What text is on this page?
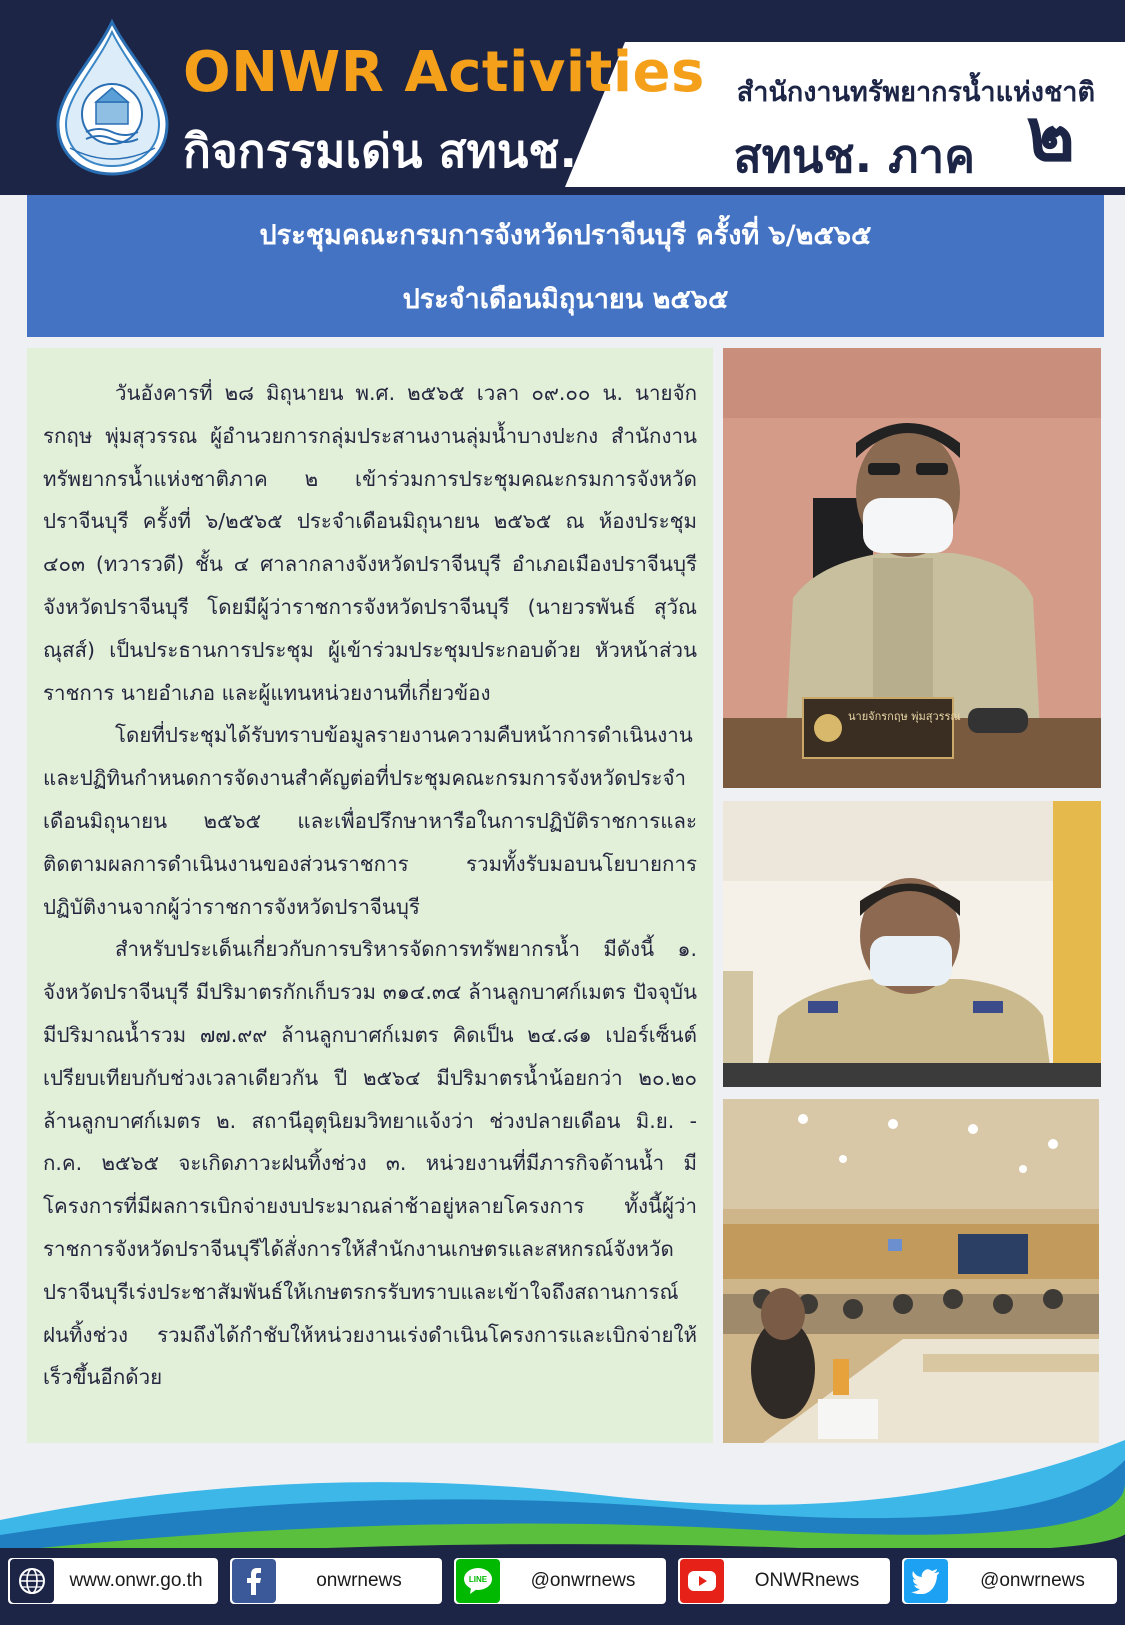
ONWR Activities
กิจกรรมเด่น สทนช.
สำนักงานทรัพยากรน้ำแห่งชาติ
สทนช. ภาค ๒
ประชุมคณะกรมการจังหวัดปราจีนบุรี ครั้งที่ ๖/๒๕๖๕
ประจำเดือนมิถุนายน ๒๕๖๕

วันอังคารที่ ๒๘ มิถุนายน พ.ศ. ๒๕๖๕ เวลา ๐๙.๐๐ น. นายจักรกฤษ พุ่มสุวรรณ ผู้อำนวยการกลุ่มประสานงานลุ่มน้ำบางปะกง สำนักงานทรัพยากรน้ำแห่งชาติภาค ๒ เข้าร่วมการประชุมคณะกรมการจังหวัดปราจีนบุรี ครั้งที่ ๖/๒๕๖๕ ประจำเดือนมิถุนายน ๒๕๖๕ ณ ห้องประชุม ๔๐๓ (ทวารวดี) ชั้น ๔ ศาลากลางจังหวัดปราจีนบุรี อำเภอเมืองปราจีนบุรี จังหวัดปราจีนบุรี โดยมีผู้ว่าราชการจังหวัดปราจีนบุรี (นายวรพันธ์ สุวัณณุสส์) เป็นประธานการประชุม ผู้เข้าร่วมประชุมประกอบด้วย หัวหน้าส่วนราชการ นายอำเภอ และผู้แทนหน่วยงานที่เกี่ยวข้อง

โดยที่ประชุมได้รับทราบข้อมูลรายงานความคืบหน้าการดำเนินงานและปฏิทินกำหนดการจัดงานสำคัญต่อที่ประชุมคณะกรมการจังหวัดประจำเดือนมิถุนายน ๒๕๖๕ และเพื่อปรึกษาหารือในการปฏิบัติราชการและติดตามผลการดำเนินงานของส่วนราชการ รวมทั้งรับมอบนโยบายการปฏิบัติงานจากผู้ว่าราชการจังหวัดปราจีนบุรี

สำหรับประเด็นเกี่ยวกับการบริหารจัดการทรัพยากรน้ำ มีดังนี้ ๑. จังหวัดปราจีนบุรี มีปริมาตรกักเก็บรวม ๓๑๔.๓๔ ล้านลูกบาศก์เมตร ปัจจุบันมีปริมาณน้ำรวม ๗๗.๙๙ ล้านลูกบาศก์เมตร คิดเป็น ๒๔.๘๑ เปอร์เซ็นต์ เปรียบเทียบกับช่วงเวลาเดียวกัน ปี ๒๕๖๔ มีปริมาตรน้ำน้อยกว่า ๒๐.๒๐ ล้านลูกบาศก์เมตร ๒. สถานีอุตุนิยมวิทยาแจ้งว่า ช่วงปลายเดือน มิ.ย. - ก.ค. ๒๕๖๕ จะเกิดภาวะฝนทิ้งช่วง ๓. หน่วยงานที่มีภารกิจด้านน้ำ มีโครงการที่มีผลการเบิกจ่ายงบประมาณล่าช้าอยู่หลายโครงการ ทั้งนี้ผู้ว่าราชการจังหวัดปราจีนบุรีได้สั่งการให้สำนักงานเกษตรและสหกรณ์จังหวัดปราจีนบุรีเร่งประชาสัมพันธ์ให้เกษตรกรรับทราบและเข้าใจถึงสถานการณ์ฝนทิ้งช่วง รวมถึงได้กำชับให้หน่วยงานเร่งดำเนินโครงการและเบิกจ่ายให้เร็วขึ้นอีกด้วย

นายจักรกฤษ พุ่มสุวรรณ
www.onwr.go.th	onwrnews	LINE	@onwrnews	ONWRnews	@onwrnews
